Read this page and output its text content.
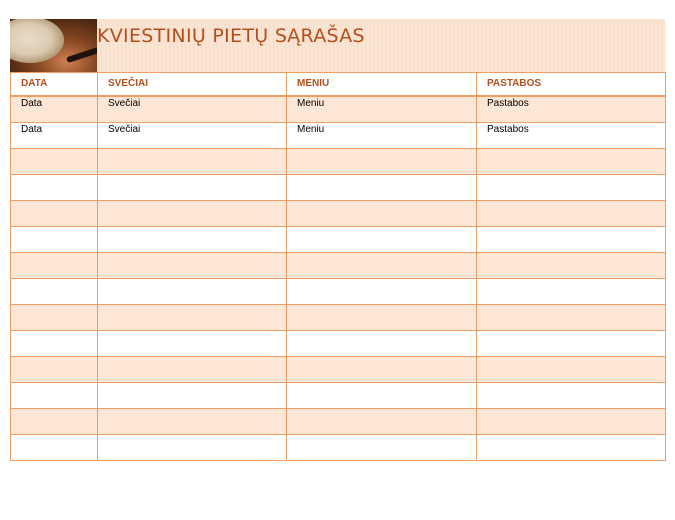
KVIESTINIŲ PIETŲ SĄRAŠAS
DATA	SVEČIAI	MENIU	PASTABOS
Data	Svečiai	Meniu	Pastabos
Data	Svečiai	Meniu	Pastabos
